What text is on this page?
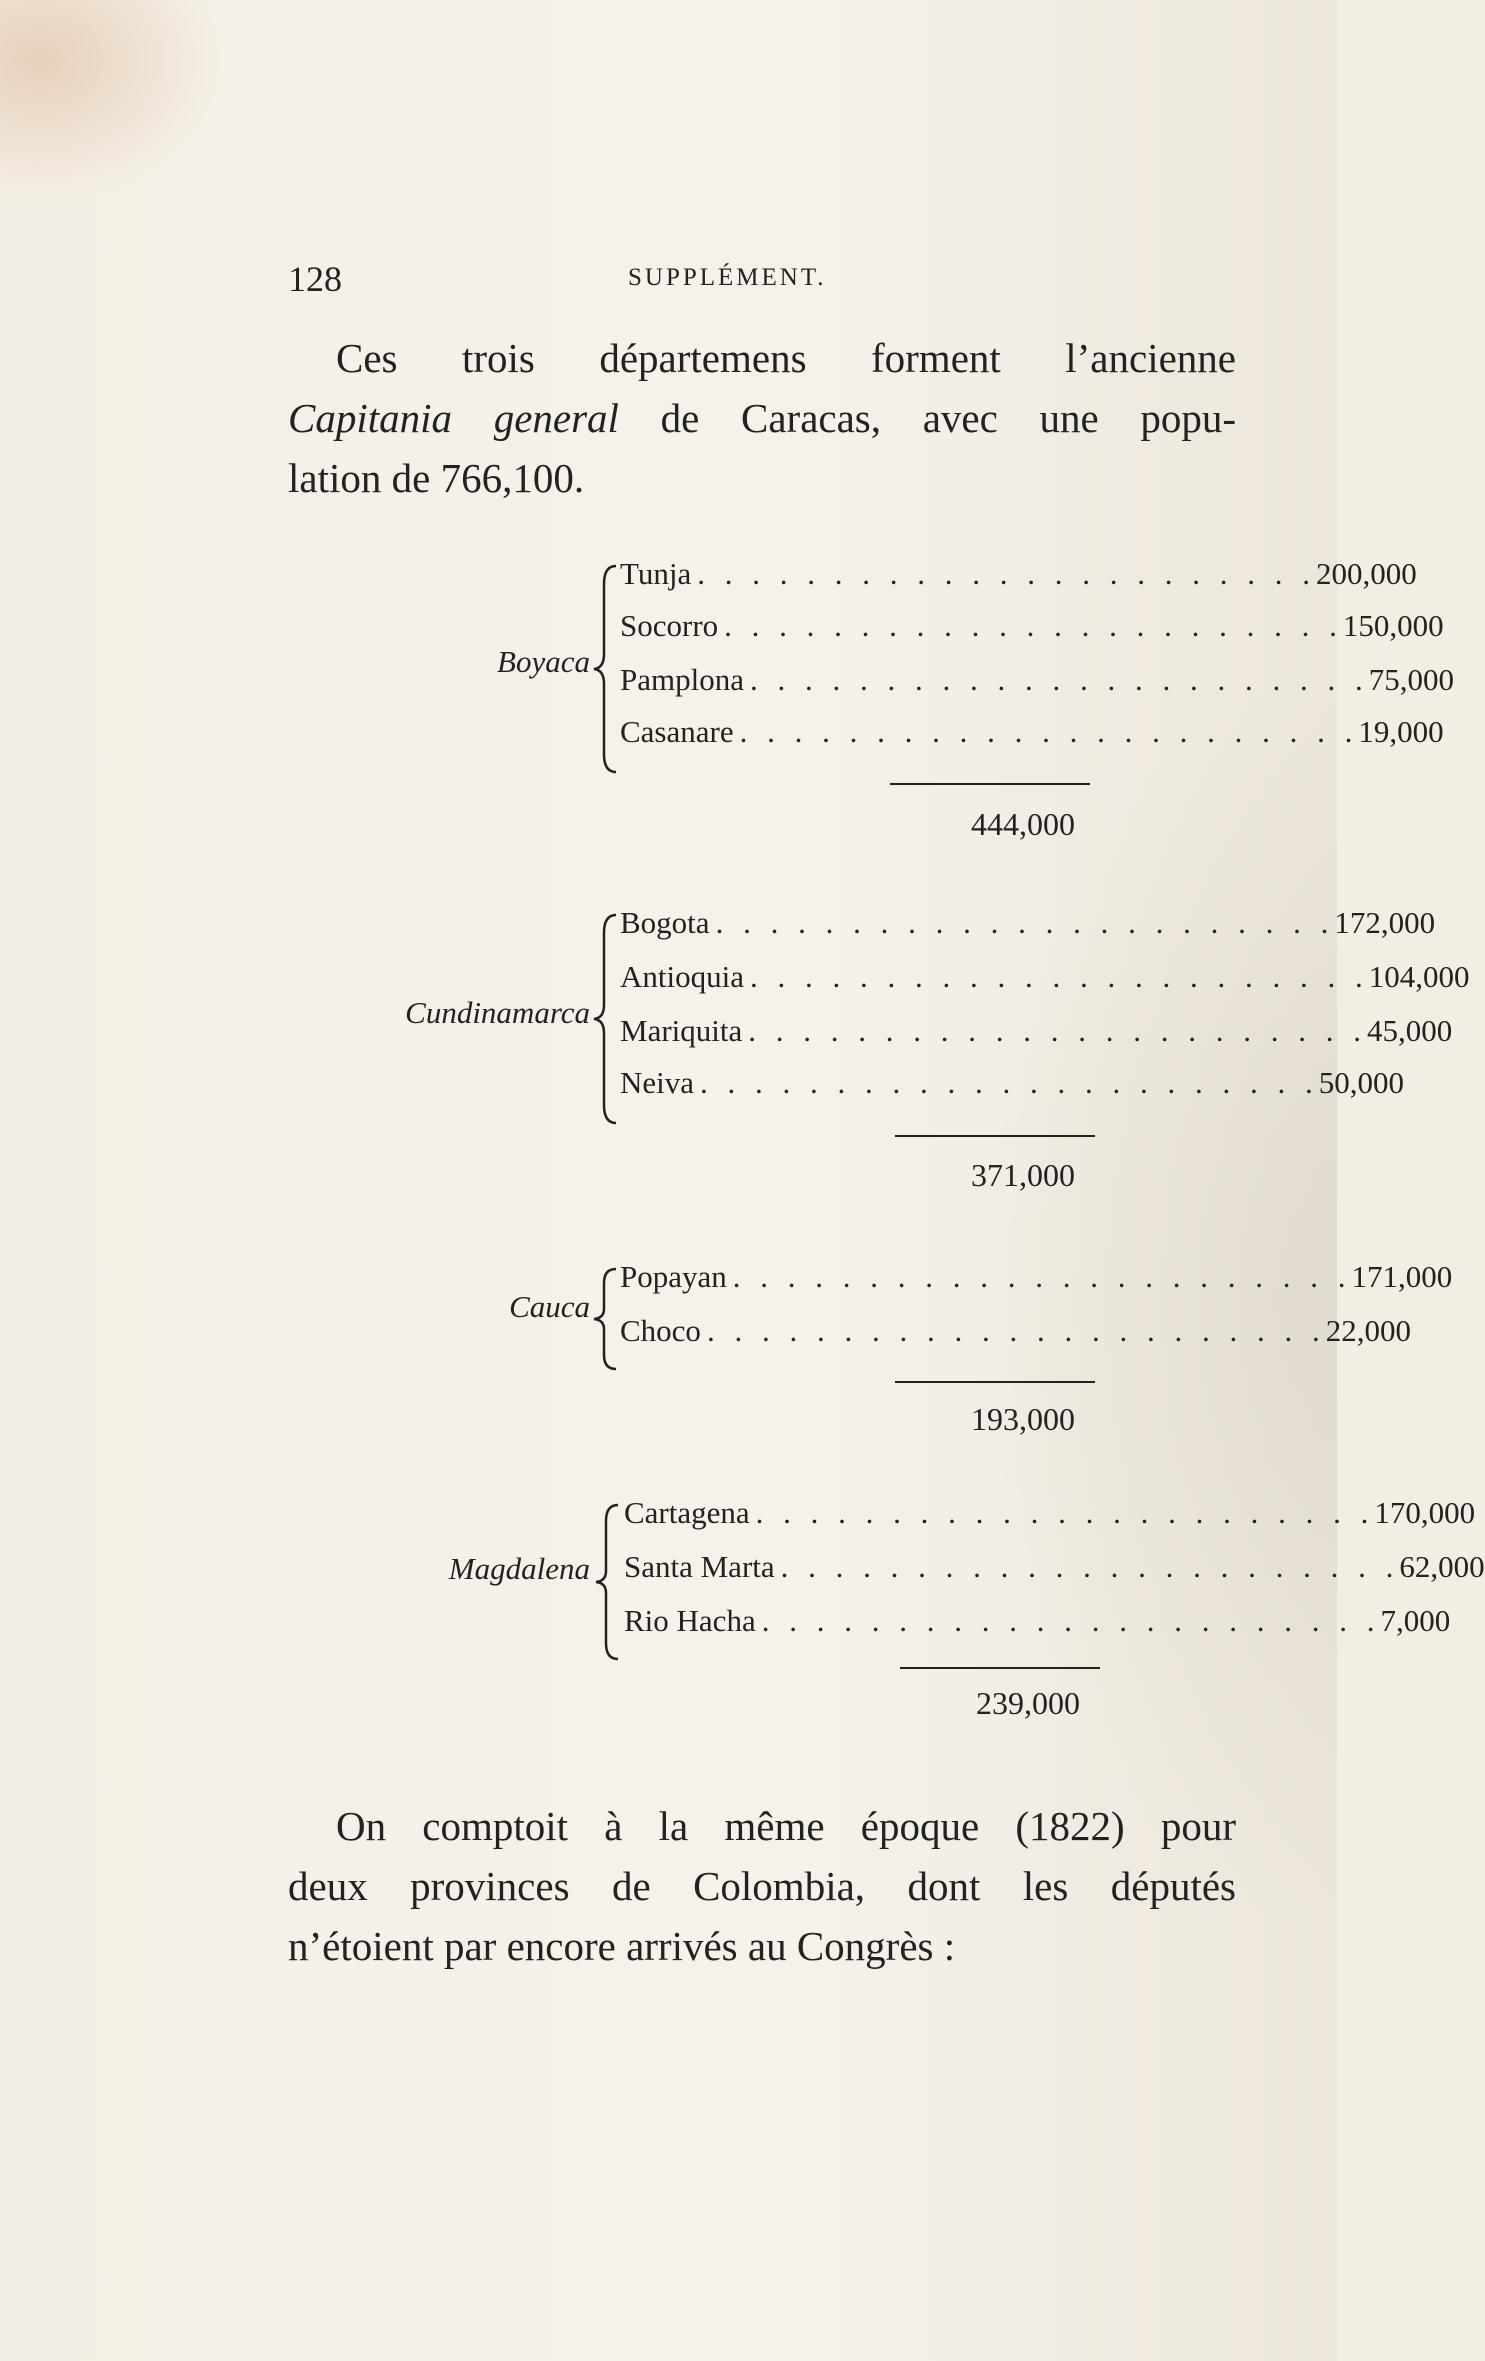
128	SUPPLÉMENT.
Ces trois départemens forment l’ancienne
Capitania general de Caracas, avec une popu-
lation de 766,100.
Boyaca
Tunja . . . . . . . . . . . . . . . . . . . . . . . 200,000
Socorro . . . . . . . . . . . . . . . . . . . . . . . 150,000
Pamplona . . . . . . . . . . . . . . . . . . . . . . . 75,000
Casanare . . . . . . . . . . . . . . . . . . . . . . . 19,000
444,000
Cundinamarca
Bogota . . . . . . . . . . . . . . . . . . . . . . . 172,000
Antioquia . . . . . . . . . . . . . . . . . . . . . . . 104,000
Mariquita . . . . . . . . . . . . . . . . . . . . . . . 45,000
Neiva . . . . . . . . . . . . . . . . . . . . . . . 50,000
371,000
Cauca
Popayan . . . . . . . . . . . . . . . . . . . . . . . 171,000
Choco . . . . . . . . . . . . . . . . . . . . . . . 22,000
193,000
Magdalena
Cartagena . . . . . . . . . . . . . . . . . . . . . . . 170,000
Santa Marta . . . . . . . . . . . . . . . . . . . . . . . 62,000
Rio Hacha . . . . . . . . . . . . . . . . . . . . . . . 7,000
239,000
On comptoit à la même époque (1822) pour
deux provinces de Colombia, dont les députés
n’étoient par encore arrivés au Congrès :
